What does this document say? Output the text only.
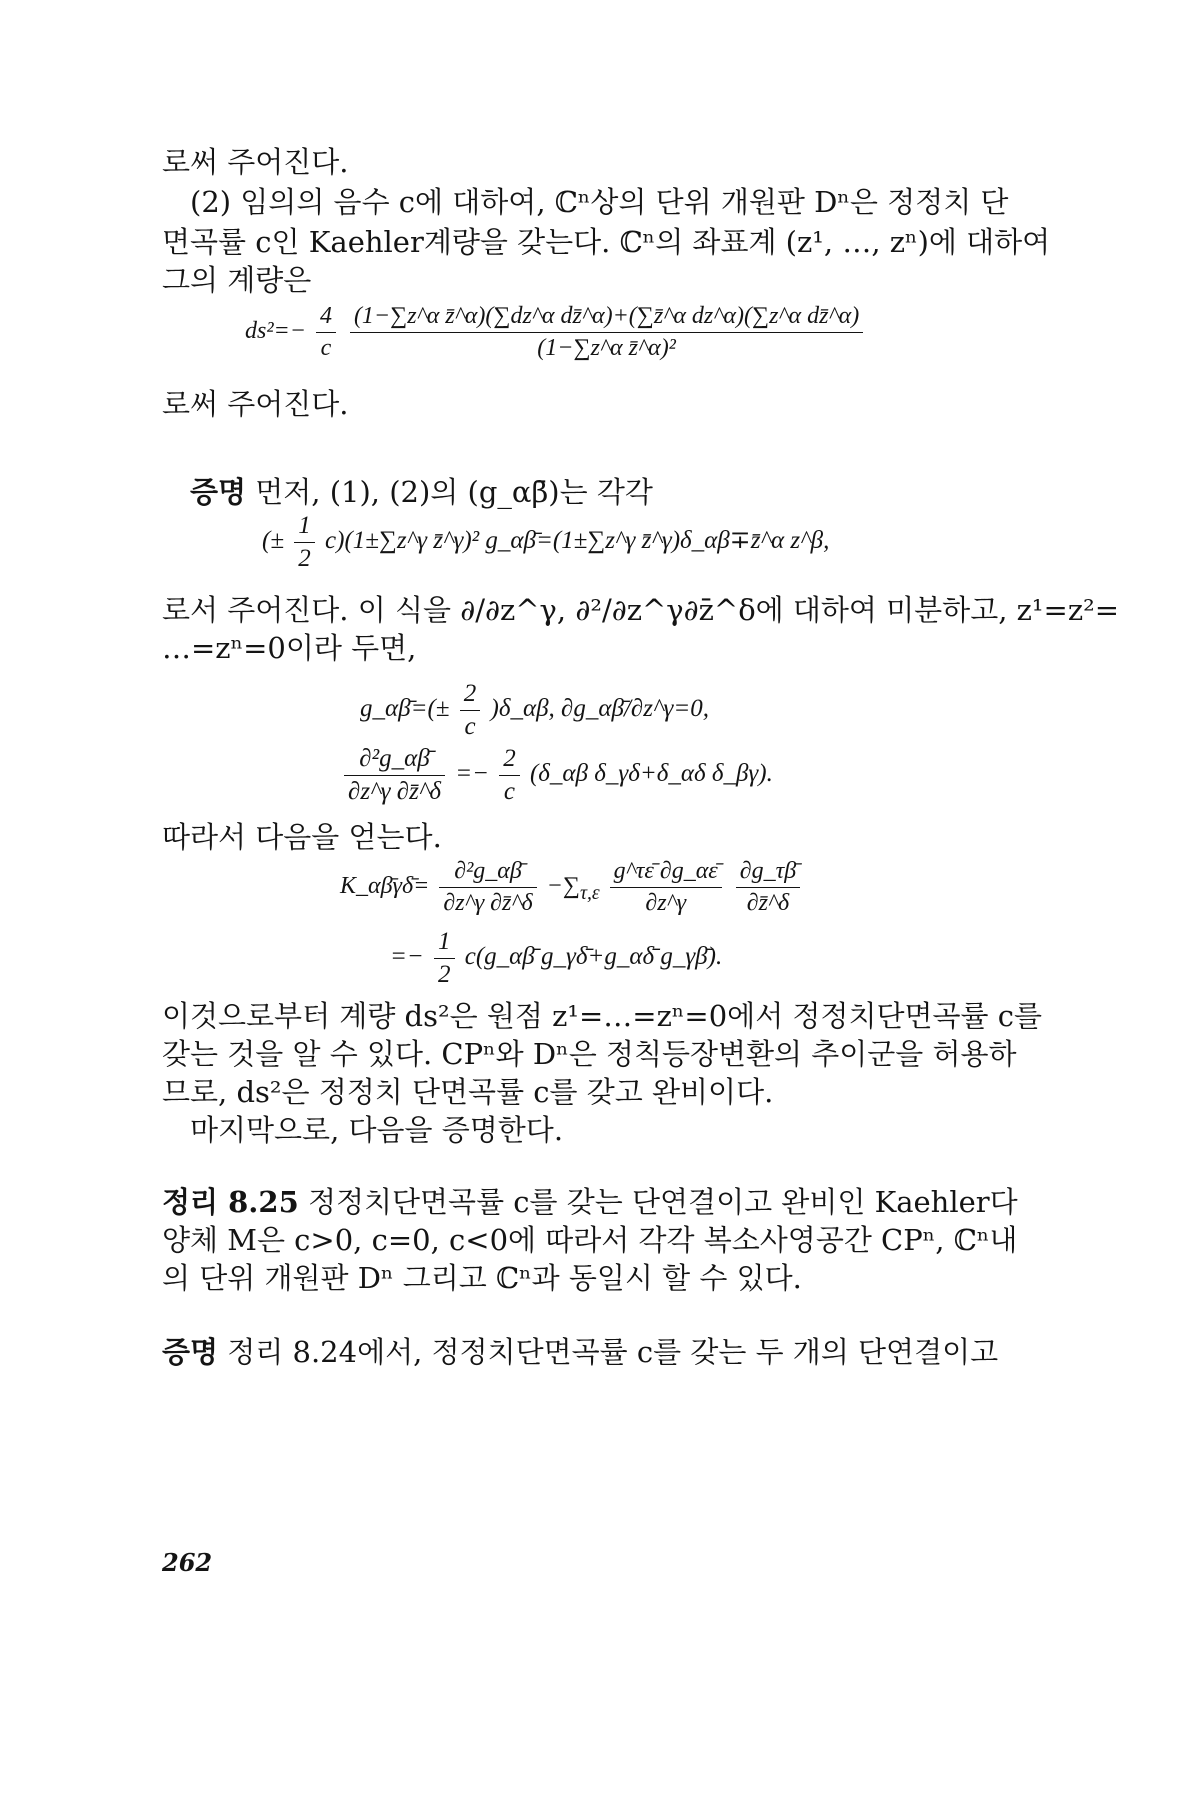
로써 주어진다.
(2) 임의의 음수 c에 대하여, ℂⁿ상의 단위 개원판 Dⁿ은 정정치 단
면곡률 c인 Kaehler계량을 갖는다. ℂⁿ의 좌표계 (z¹, …, zⁿ)에 대하여
그의 계량은
$ds^2=- \frac{4}{c}$
$\frac{\text{(1−∑z\textasciicircum{}α z̄\textasciicircum{}α)(∑dz\textasciicircum{}α dz̄\textasciicircum{}α)+(∑z̄\textasciicircum{}α dz\textasciicircum{}α)(∑z\textasciicircum{}α dz̄\textasciicircum{}α)}}{\text{(1−∑z\textasciicircum{}α z̄\textasciicircum{}α)²}}$
로써 주어진다.
증명 먼저, (1), (2)의 (g_αβ̄)는 각각
(± $\frac{1}{2}$ c)(1±∑z^γ z̄^γ)² g_αβ̄=(1±∑z^γ z̄^γ)δ_αβ∓z̄^α z^β,
로서 주어진다. 이 식을 ∂/∂z^γ, ∂²/∂z^γ∂z̄^δ에 대하여 미분하고, z¹=z²=
…=zⁿ=0이라 두면,
g_αβ̄=(± $\frac{2}{c}$ )δ_αβ, ∂g_αβ̄/∂z^γ=0,
$\frac{\text{∂²g\_αβ̄}}{\partial z\^{}\gamma \partial z̄\^{}\delta} =- \frac{2}{c}$ (δ_αβ δ_γδ+δ_αδ δ_βγ).
따라서 다음을 얻는다.
K_αβ̄γδ̄= $\frac{\text{∂²g\_αβ̄}}{\partial z\^{}\gamma \partial z̄\^{}\delta} -\sum_{\tau,\varepsilon} \frac{g\^{}\tau\varepsilon̄ \partial g\_\alpha\varepsilon̄}{\partial z\^{}\gamma}$
$\frac{\partial g\_\tau\betā}{\partial z̄\^{}\delta}$
=− $\frac{1}{2}$ c(g_αβ̄ g_γδ̄+g_αδ̄ g_γβ̄).
이것으로부터 계량 ds²은 원점 z¹=…=zⁿ=0에서 정정치단면곡률 c를
갖는 것을 알 수 있다. CPⁿ와 Dⁿ은 정칙등장변환의 추이군을 허용하
므로, ds²은 정정치 단면곡률 c를 갖고 완비이다.
마지막으로, 다음을 증명한다.
정리 8.25 정정치단면곡률 c를 갖는 단연결이고 완비인 Kaehler다
양체 M은 c>0, c=0, c<0에 따라서 각각 복소사영공간 CPⁿ, ℂⁿ내
의 단위 개원판 Dⁿ 그리고 ℂⁿ과 동일시 할 수 있다.
증명 정리 8.24에서, 정정치단면곡률 c를 갖는 두 개의 단연결이고
262
